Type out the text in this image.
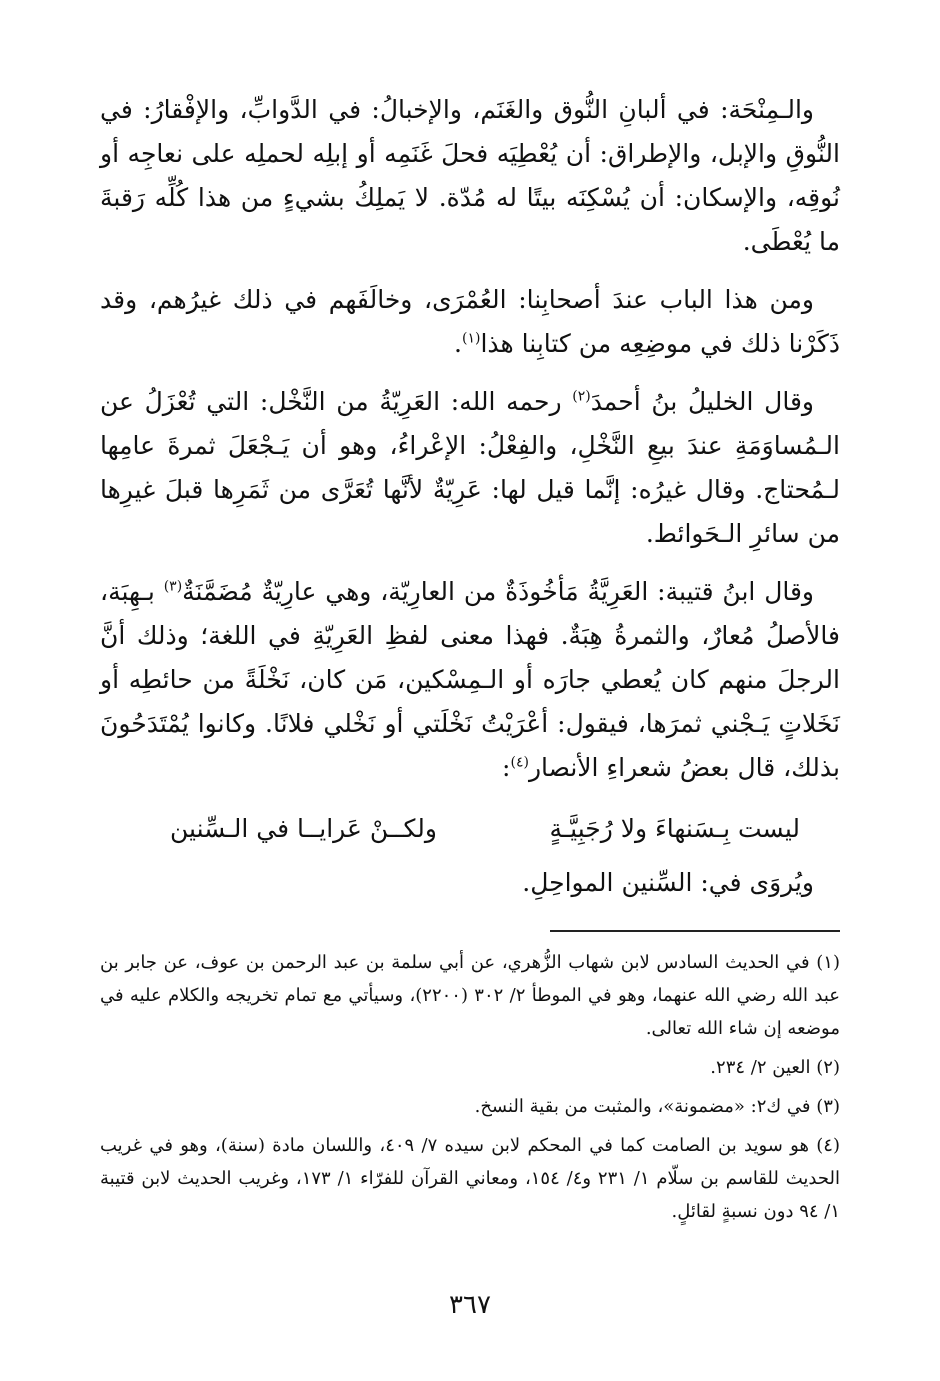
والـمِنْحَة: في ألبانِ النُّوق والغَنَم، والإخبالُ: في الدَّوابِّ، والإفْقارُ: في النُّوقِ والإبل، والإطراق: أن يُعْطِيَه فحلَ غَنَمِه أو إبلِه لحملِه على نعاجِه أو نُوقِه، والإسكان: أن يُسْكِنَه بيتًا له مُدّة. لا يَملِكُ بشيءٍ من هذا كُلِّه رَقبةَ ما يُعْطَى.

ومن هذا الباب عندَ أصحابِنا: العُمْرَى، وخالَفَهم في ذلك غيرُهم، وقد ذَكَرْنا ذلك في موضِعِه من كتابِنا هذا$^{(١)}$.

وقال الخليلُ بنُ أحمدَ$^{(٢)}$ رحمه الله: العَرِيّةُ من النَّخْل: التي تُعْزَلُ عن الـمُساوَمَةِ عندَ بيعِ النَّخْلِ، والفِعْلُ: الإعْراءُ، وهو أن يَـجْعَلَ ثمرةَ عامِها لـمُحتاج. وقال غيرُه: إنَّما قيل لها: عَرِيّةٌ لأنَّها تُعَرَّى من ثَمَرِها قبلَ غيرِها من سائرِ الـحَوائط.

وقال ابنُ قتيبة: العَرِيَّةُ مَأخُوذَةٌ من العارِيّة، وهي عارِيّةٌ مُضَمَّنَةٌ$^{(٣)}$ بـهِبَة، فالأصلُ مُعارٌ، والثمرةُ هِبَةٌ. فهذا معنى لفظِ العَرِيّةِ في اللغة؛ وذلك أنَّ الرجلَ منهم كان يُعطي جارَه أو الـمِسْكين، مَن كان، نَخْلَةً من حائطِه أو نَخَلاتٍ يَـجْني ثمرَها، فيقول: أعْرَيْتُ نَخْلَتي أو نَخْلي فلانًا. وكانوا يُمْتَدَحُونَ بذلك، قال بعضُ شعراءِ الأنصار$^{(٤)}$:

ليست بِـسَنهاءَ ولا رُجَبِيَّـةٍ
ولكــنْ عَرايــا في الـسِّنين
ويُروَى في: السِّنين المواحِلِ.

(١) في الحديث السادس لابن شهاب الزُّهري، عن أبي سلمة بن عبد الرحمن بن عوف، عن جابر بن عبد الله رضي الله عنهما، وهو في الموطأ ٢/ ٣٠٢ (٢٢٠٠)، وسيأتي مع تمام تخريجه والكلام عليه في موضعه إن شاء الله تعالى.

(٢) العين ٢/ ٢٣٤.

(٣) في ك٢: «مضمونة»، والمثبت من بقية النسخ.

(٤) هو سويد بن الصامت كما في المحكم لابن سيده ٧/ ٤٠٩، واللسان مادة (سنة)، وهو في غريب الحديث للقاسم بن سلّام ١/ ٢٣١ و٤/ ١٥٤، ومعاني القرآن للفرّاء ١/ ١٧٣، وغريب الحديث لابن قتيبة ١/ ٩٤ دون نسبةٍ لقائلٍ.

٣٦٧
